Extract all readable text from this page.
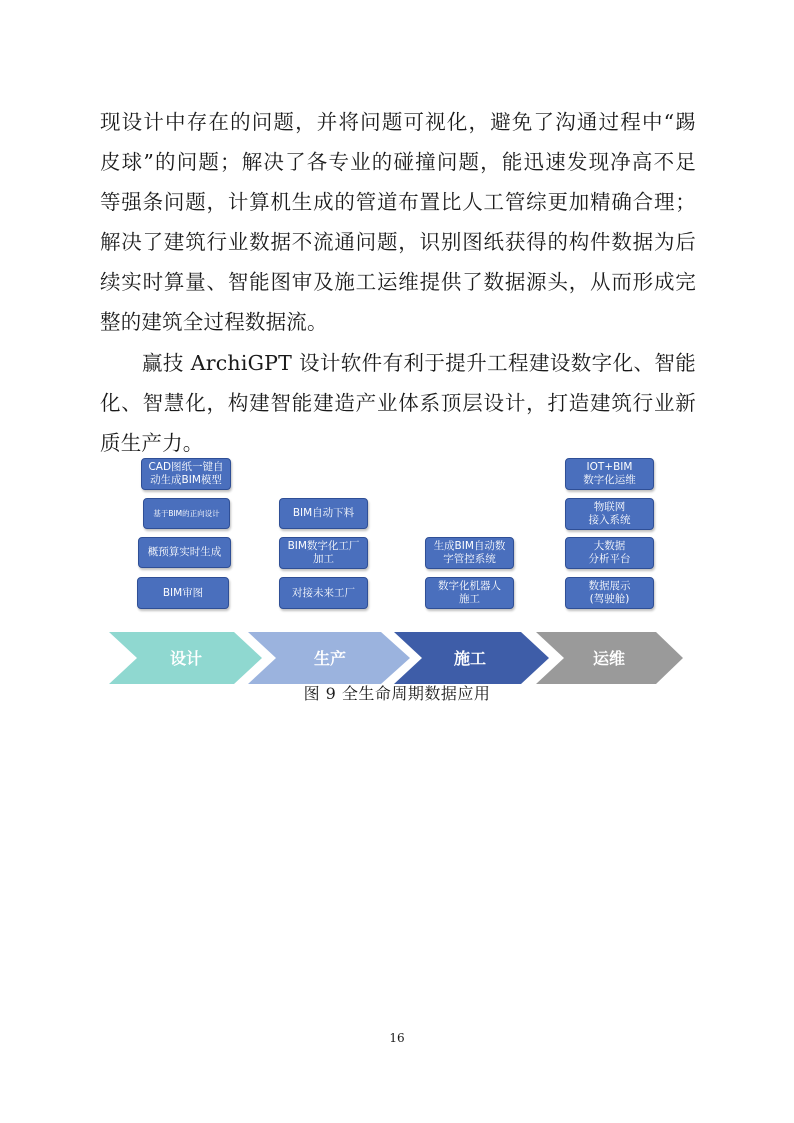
现设计中存在的问题，并将问题可视化，避免了沟通过程中“踢
皮球”的问题；解决了各专业的碰撞问题，能迅速发现净高不足
等强条问题，计算机生成的管道布置比人工管综更加精确合理；
解决了建筑行业数据不流通问题，识别图纸获得的构件数据为后
续实时算量、智能图审及施工运维提供了数据源头，从而形成完
整的建筑全过程数据流。
赢技 ArchiGPT 设计软件有利于提升工程建设数字化、智能
化、智慧化，构建智能建造产业体系顶层设计，打造建筑行业新
质生产力。
CAD图纸一键自
动生成BIM模型
基于BIM的正向设计
概预算实时生成
BIM审图
BIM自动下料
BIM数字化工厂
加工
对接未来工厂
生成BIM自动数
字管控系统
数字化机器人
施工
IOT+BIM
数字化运维
物联网
接入系统
大数据
分析平台
数据展示
(驾驶舱)
设计	生产	施工	运维
图 9 全生命周期数据应用
16
